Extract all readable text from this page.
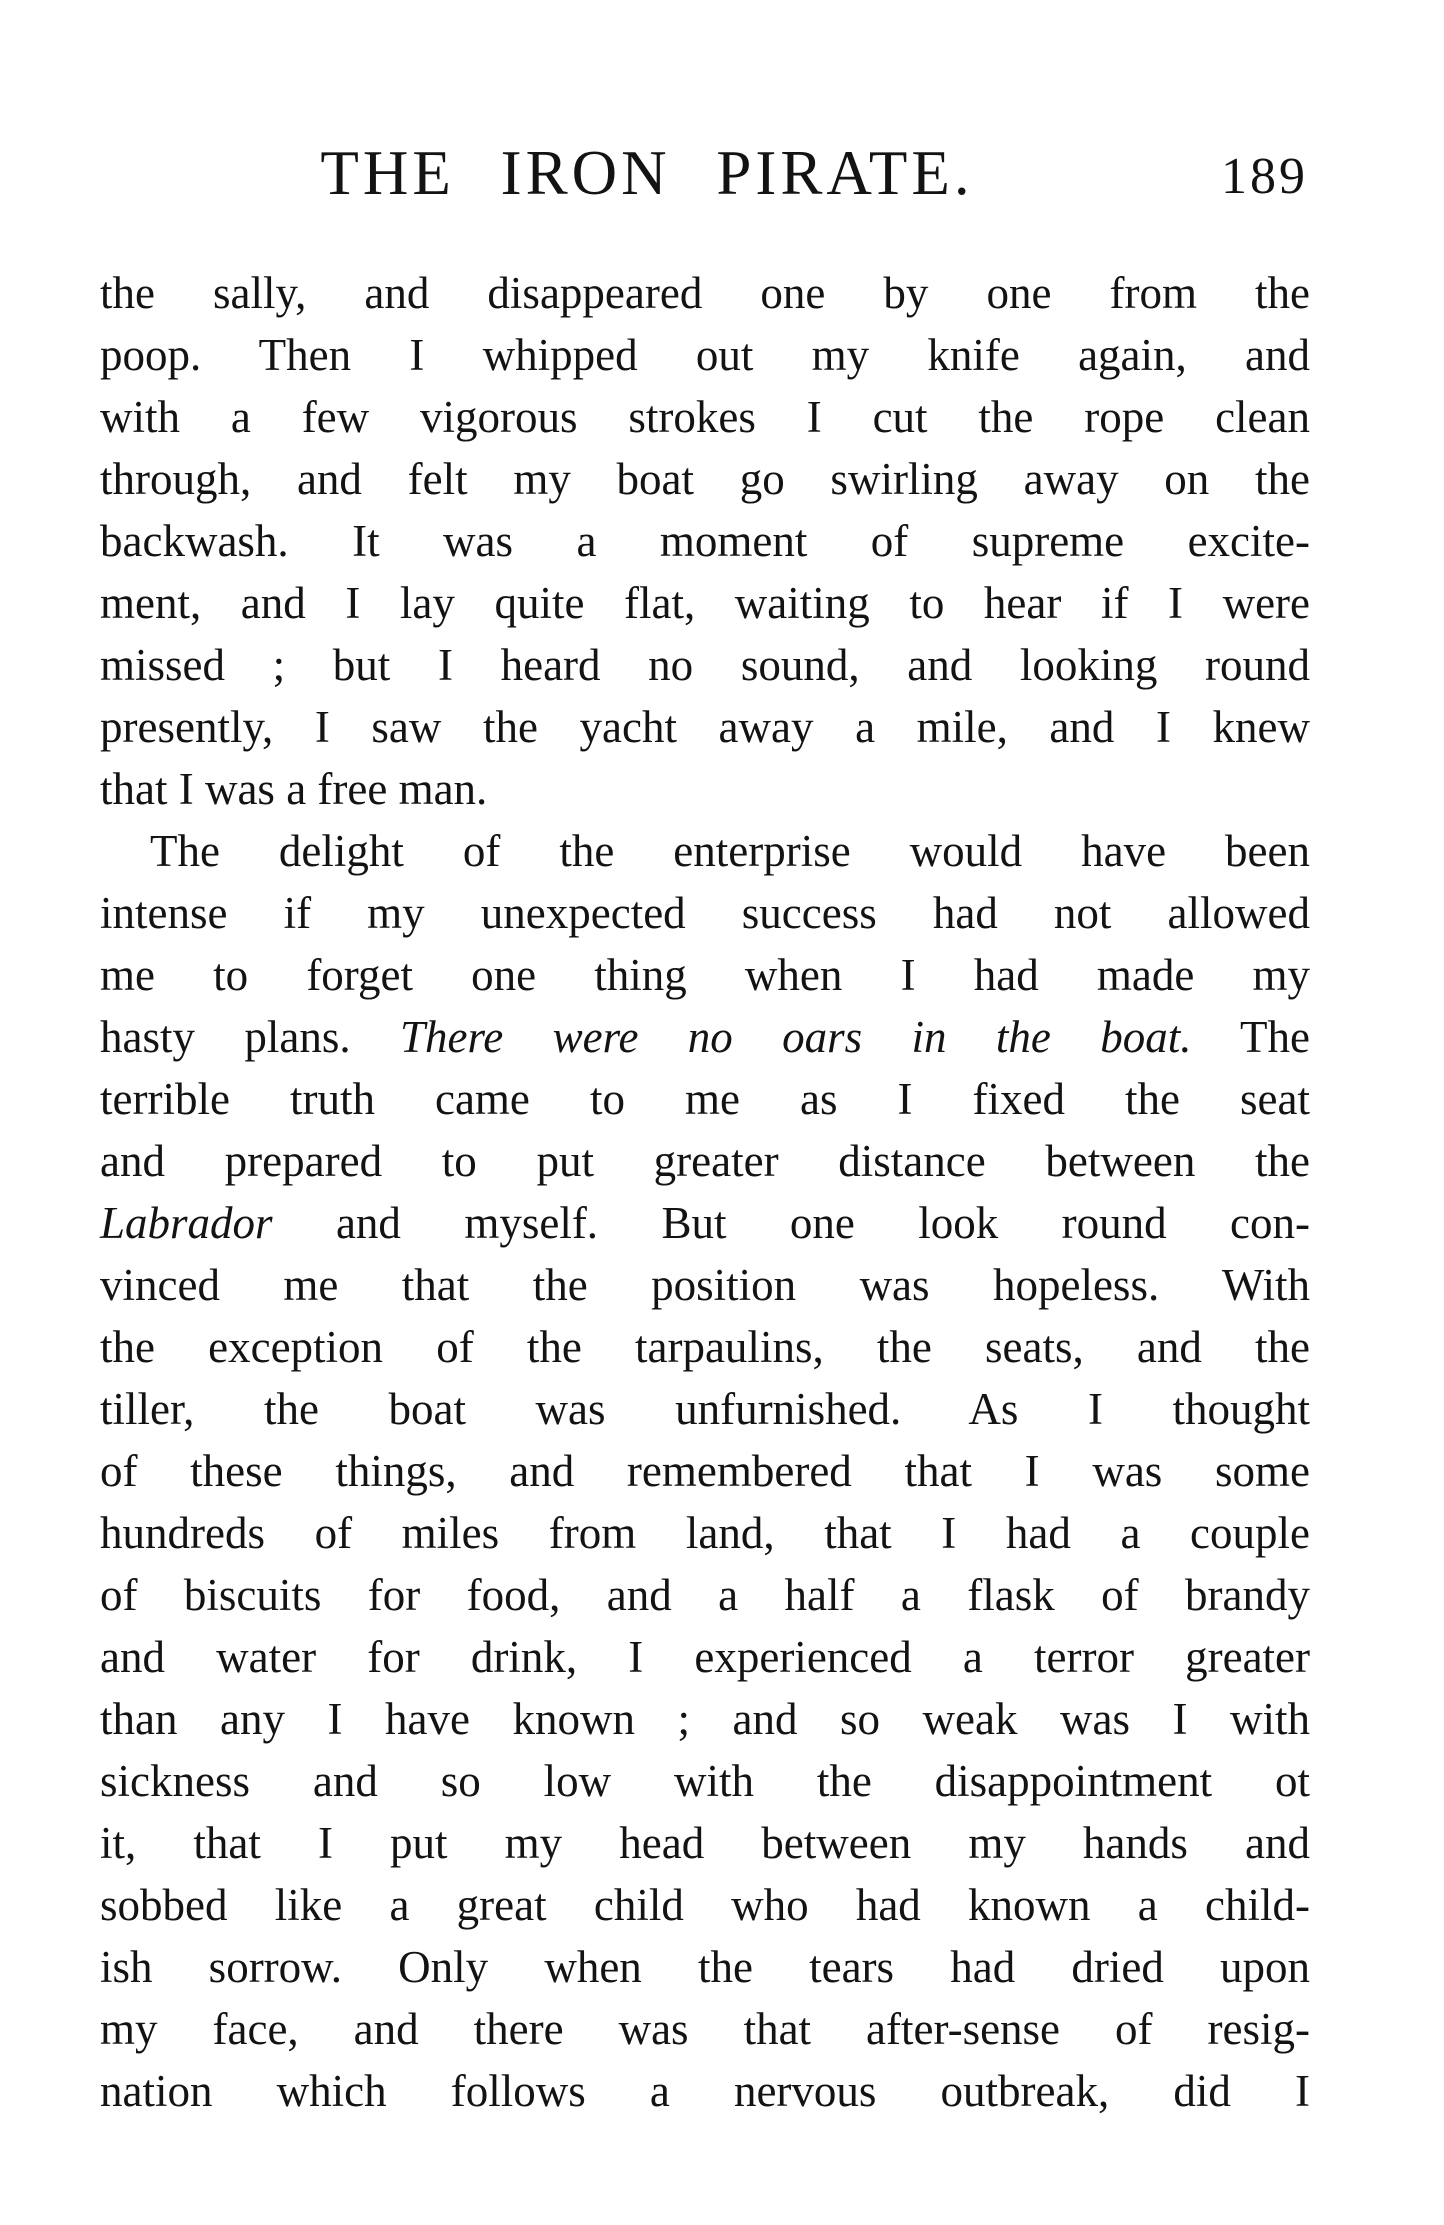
THE IRON PIRATE.	189
the sally, and disappeared one by one from the
poop. Then I whipped out my knife again, and
with a few vigorous strokes I cut the rope clean
through, and felt my boat go swirling away on the
backwash. It was a moment of supreme excite-
ment, and I lay quite flat, waiting to hear if I were
missed ; but I heard no sound, and looking round
presently, I saw the yacht away a mile, and I knew
that I was a free man.
The delight of the enterprise would have been
intense if my unexpected success had not allowed
me to forget one thing when I had made my
hasty plans. There were no oars in the boat. The
terrible truth came to me as I fixed the seat
and prepared to put greater distance between the
Labrador and myself. But one look round con-
vinced me that the position was hopeless. With
the exception of the tarpaulins, the seats, and the
tiller, the boat was unfurnished. As I thought
of these things, and remembered that I was some
hundreds of miles from land, that I had a couple
of biscuits for food, and a half a flask of brandy
and water for drink, I experienced a terror greater
than any I have known ; and so weak was I with
sickness and so low with the disappointment ot
it, that I put my head between my hands and
sobbed like a great child who had known a child-
ish sorrow. Only when the tears had dried upon
my face, and there was that after-sense of resig-
nation which follows a nervous outbreak, did I
